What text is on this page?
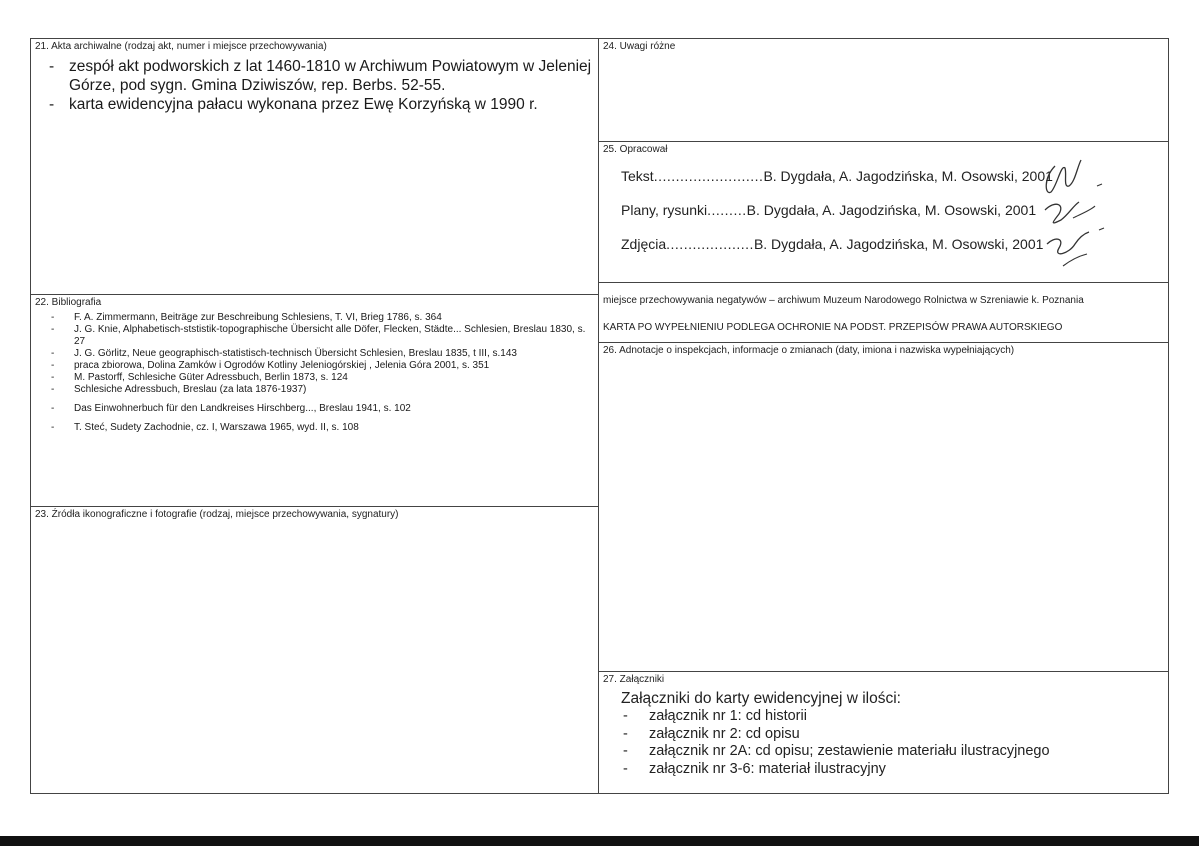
21. Akta archiwalne (rodzaj akt, numer i miejsce przechowywania)
- zespół akt podworskich z lat 1460-1810 w Archiwum Powiatowym w Jeleniej Górze, pod sygn. Gmina Dziwiszów, rep. Berbs. 52-55.
- karta ewidencyjna pałacu wykonana przez Ewę Korzyńską w 1990 r.
22. Bibliografia
- F. A. Zimmermann, Beiträge zur Beschreibung Schlesiens, T. VI, Brieg 1786, s. 364
- J. G. Knie, Alphabetisch-ststistik-topographische Übersicht alle Döfer, Flecken, Städte... Schlesien, Breslau 1830, s. 27
- J. G. Görlitz, Neue geographisch-statistisch-technisch Übersicht Schlesien, Breslau 1835, t III, s.143
- praca zbiorowa, Dolina Zamków i Ogrodów Kotliny Jeleniogórskiej , Jelenia Góra 2001, s. 351
- M. Pastorff, Schlesiche Güter Adressbuch, Berlin 1873, s. 124
- Schlesiche Adressbuch, Breslau (za lata 1876-1937)
- Das Einwohnerbuch für den Landkreises Hirschberg..., Breslau 1941, s. 102
- T. Steć, Sudety Zachodnie, cz. I, Warszawa 1965, wyd. II, s. 108
23. Źródła ikonograficzne i fotografie (rodzaj, miejsce przechowywania, sygnatury)
24. Uwagi różne
25. Opracował
Tekst.........................B. Dygdała, A. Jagodzińska, M. Osowski, 2001
Plany, rysunki.........B. Dygdała, A. Jagodzińska, M. Osowski, 2001
Zdjęcia....................B. Dygdała, A. Jagodzińska, M. Osowski, 2001
miejsce przechowywania negatywów – archiwum Muzeum Narodowego Rolnictwa w Szreniawie k. Poznania
KARTA PO WYPEŁNIENIU PODLEGA OCHRONIE NA PODST. PRZEPISÓW PRAWA AUTORSKIEGO
26. Adnotacje o inspekcjach, informacje o zmianach (daty, imiona i nazwiska wypełniających)
27. Załączniki
Załączniki do karty ewidencyjnej w ilości:
- załącznik nr 1: cd historii
- załącznik nr 2: cd opisu
- załącznik nr 2A: cd opisu; zestawienie materiału ilustracyjnego
- załącznik nr 3-6: materiał ilustracyjny
